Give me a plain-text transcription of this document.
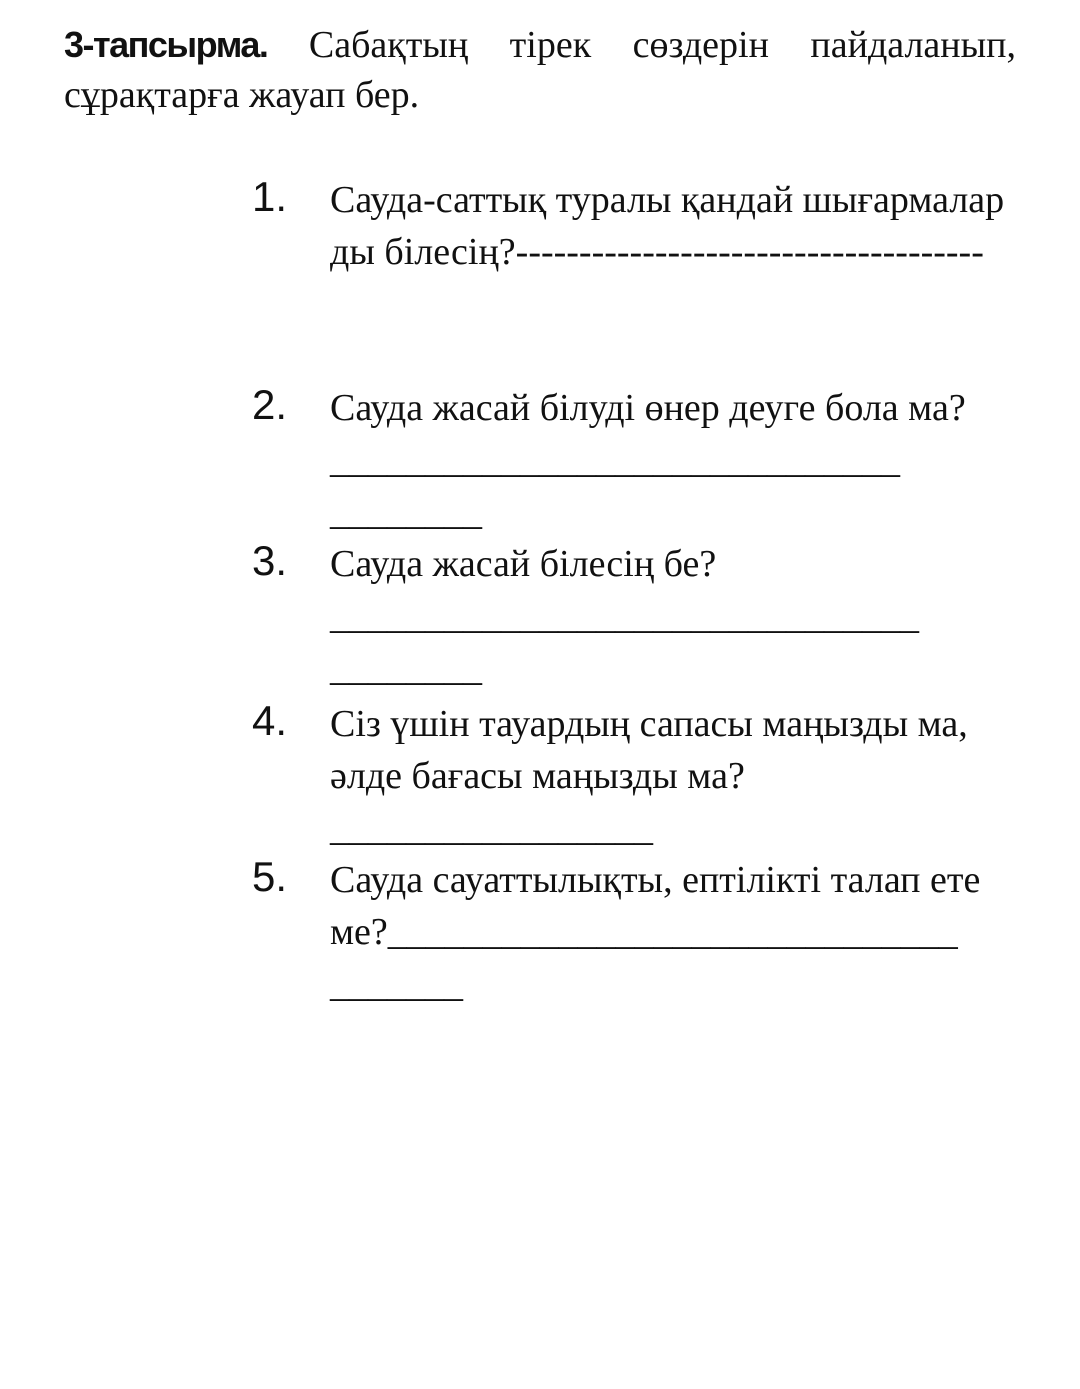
3-тапсырма. Сабақтың тірек сөздерін пайдаланып, сұрақтарға жауап бер.

1. Сауда-саттық туралы қандай шығармаларды білесің?-------------------------------------
2. Сауда жасай білуді өнер деуге бола ма?______________________________ ________
3. Сауда жасай білесің бе?_______________________________ ________
4. Сіз үшін тауардың сапасы маңызды ма, әлде бағасы маңызды ма?_________________
5. Сауда сауаттылықты, ептілікті талап ете ме?______________________________ _______
